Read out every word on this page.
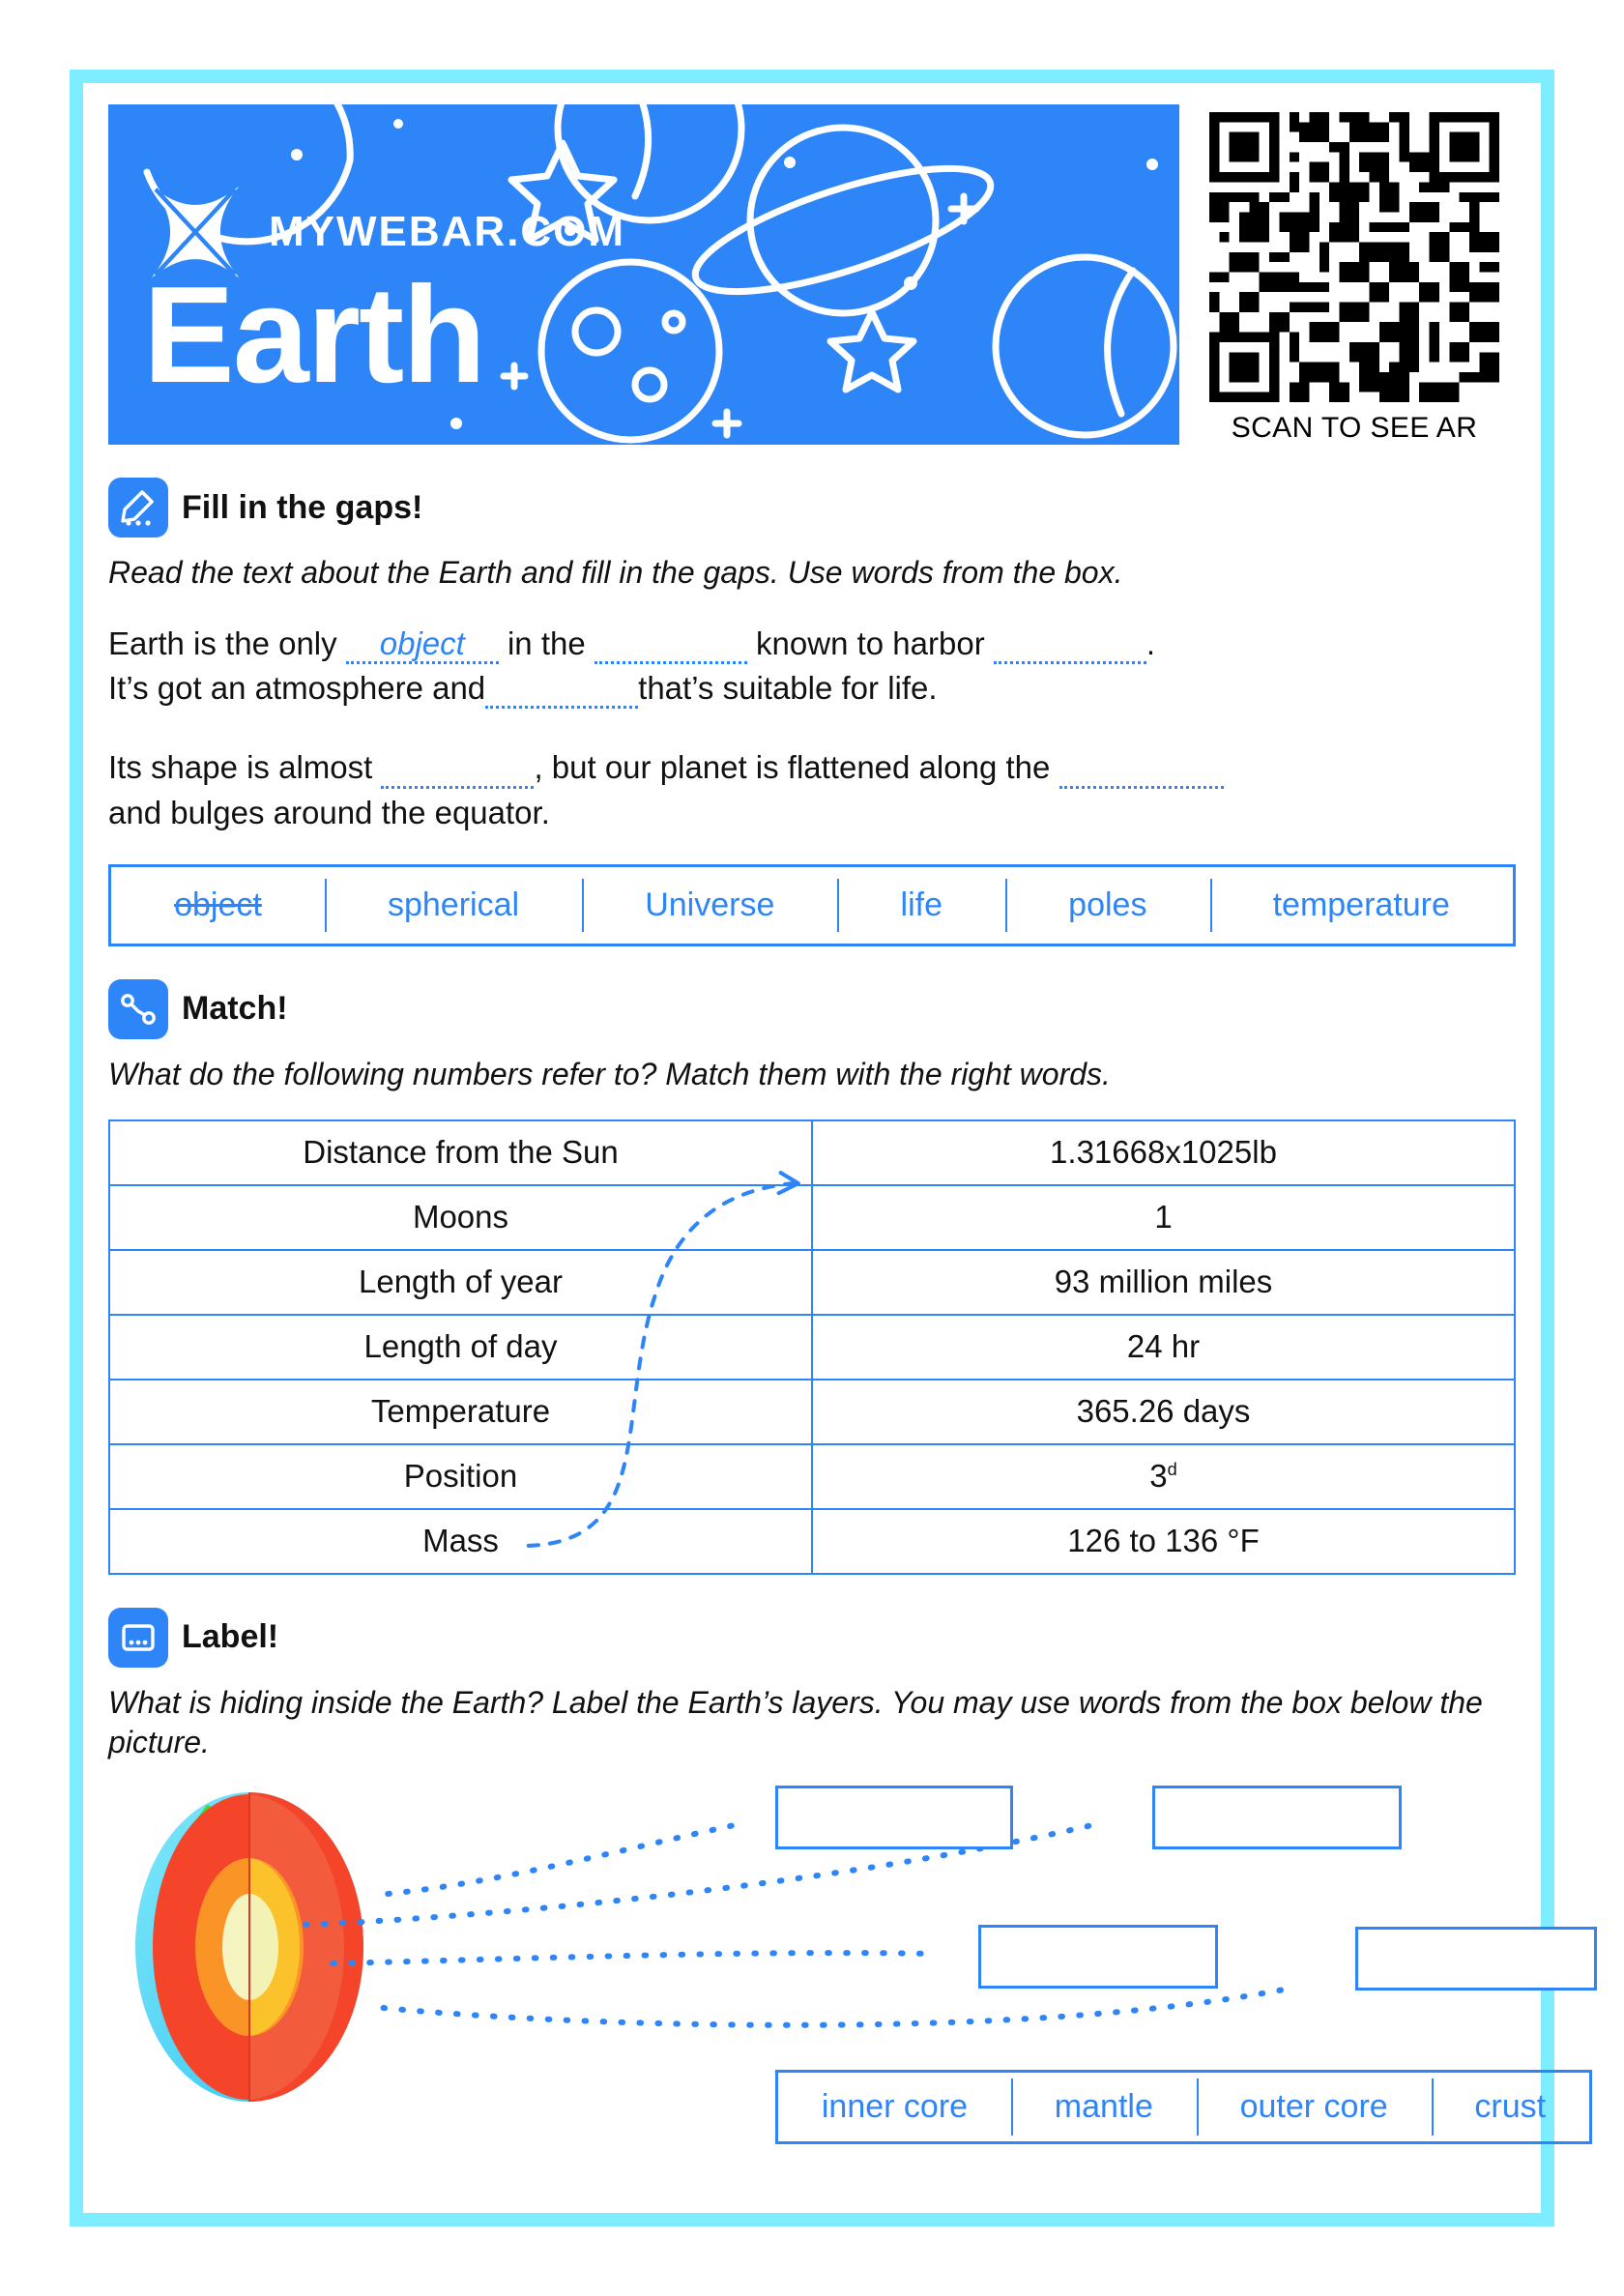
MYWEBAR.COM
Earth
SCAN TO SEE AR
Fill in the gaps!
Read the text about the Earth and fill in the gaps. Use words from the box.

Earth is the only object in the	known to harbor	.
It’s got an atmosphere and	that’s suitable for life.

Its shape is almost	, but our planet is flattened along the
and bulges around the equator.

object	spherical	Universe	life	poles	temperature
Match!
What do the following numbers refer to? Match them with the right words.
Distance from the Sun	1.31668x1025lb
Moons	1
Length of year	93 million miles
Length of day	24 hr
Temperature	365.26 days
Position	3$^d$
Mass	126 to 136 °F
Label!
What is hiding inside the Earth? Label the Earth’s layers. You may use words from the box below the picture.
inner core	mantle	outer core	crust
